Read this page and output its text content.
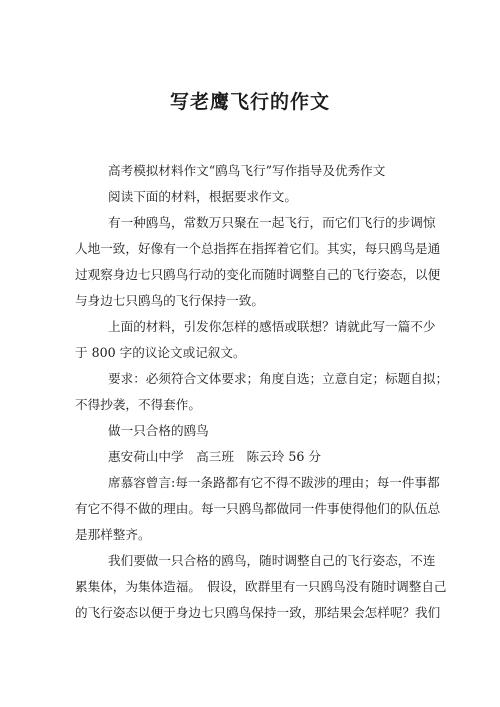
写老鹰飞行的作文
高考模拟材料作文“鸥鸟飞行”写作指导及优秀作文
阅读下面的材料，根据要求作文。
有一种鸥鸟，常数万只聚在一起飞行，而它们飞行的步调惊
人地一致，好像有一个总指挥在指挥着它们。其实，每只鸥鸟是通
过观察身边七只鸥鸟行动的变化而随时调整自己的飞行姿态，以便
与身边七只鸥鸟的飞行保持一致。
上面的材料，引发你怎样的感悟或联想？请就此写一篇不少
于 800 字的议论文或记叙文。
要求：必须符合文体要求；角度自选；立意自定；标题自拟；
不得抄袭，不得套作。
做一只合格的鸥鸟
惠安荷山中学　高三班　陈云玲 56 分
席慕容曾言:每一条路都有它不得不跋涉的理由；每一件事都
有它不得不做的理由。每一只鸥鸟都做同一件事使得他们的队伍总
是那样整齐。
我们要做一只合格的鸥鸟，随时调整自己的飞行姿态，不连
累集体，为集体造福。　假设，欧群里有一只鸥鸟没有随时调整自己
的飞行姿态以便于身边七只鸥鸟保持一致，那结果会怎样呢？我们
